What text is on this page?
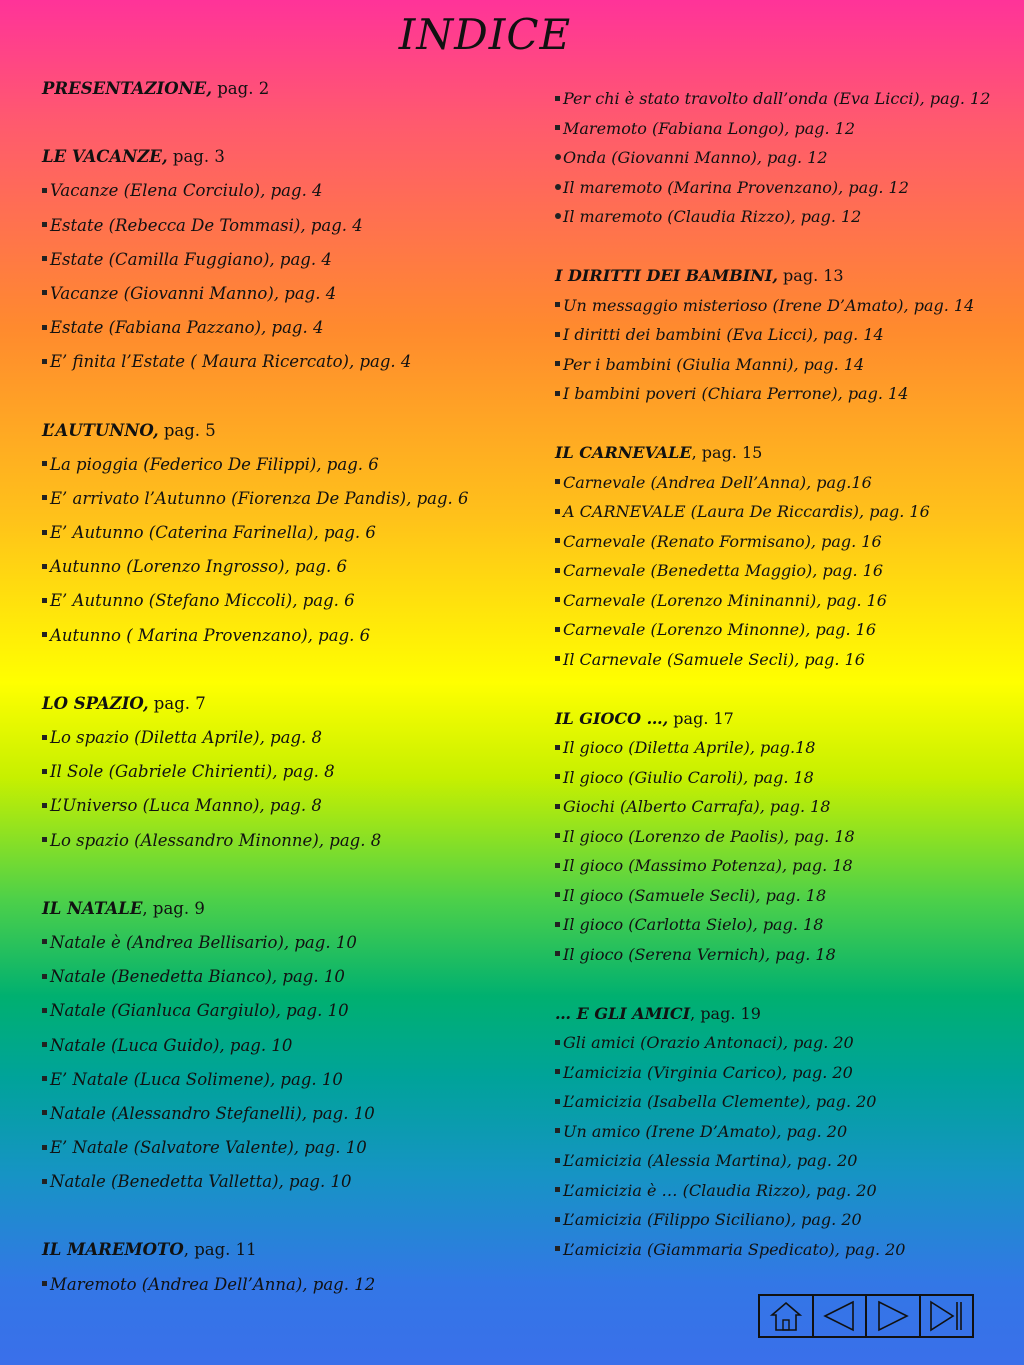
INDICE
PRESENTAZIONE, pag. 2
LE VACANZE, pag. 3
Vacanze (Elena Corciulo), pag. 4
Estate (Rebecca De Tommasi), pag. 4
Estate (Camilla Fuggiano), pag. 4
Vacanze (Giovanni Manno), pag. 4
Estate (Fabiana Pazzano), pag. 4
E’ finita l’Estate ( Maura Ricercato), pag. 4
L’AUTUNNO, pag. 5
La pioggia (Federico De Filippi), pag. 6
E’ arrivato l’Autunno (Fiorenza De Pandis), pag. 6
E’ Autunno (Caterina Farinella), pag. 6
Autunno (Lorenzo Ingrosso), pag. 6
E’ Autunno (Stefano Miccoli), pag. 6
Autunno ( Marina Provenzano), pag. 6
LO SPAZIO, pag. 7
Lo spazio (Diletta Aprile), pag. 8
Il Sole (Gabriele Chirienti), pag. 8
L’Universo (Luca Manno), pag. 8
Lo spazio (Alessandro Minonne), pag. 8
IL NATALE, pag. 9
Natale è (Andrea Bellisario), pag. 10
Natale (Benedetta Bianco), pag. 10
Natale (Gianluca Gargiulo), pag. 10
Natale (Luca Guido), pag. 10
E’ Natale (Luca Solimene), pag. 10
Natale (Alessandro Stefanelli), pag. 10
E’ Natale (Salvatore Valente), pag. 10
Natale (Benedetta Valletta), pag. 10
IL MAREMOTO, pag. 11
Maremoto (Andrea Dell’Anna), pag. 12
Per chi è stato travolto dall’onda (Eva Licci), pag. 12
Maremoto (Fabiana Longo), pag. 12
Onda (Giovanni Manno), pag. 12
Il maremoto (Marina Provenzano), pag. 12
Il maremoto (Claudia Rizzo), pag. 12
I DIRITTI DEI BAMBINI, pag. 13
Un messaggio misterioso (Irene D’Amato), pag. 14
I diritti dei bambini (Eva Licci), pag. 14
Per i bambini (Giulia Manni), pag. 14
I bambini poveri (Chiara Perrone), pag. 14
IL CARNEVALE, pag. 15
Carnevale (Andrea Dell’Anna), pag.16
A CARNEVALE (Laura De Riccardis), pag. 16
Carnevale (Renato Formisano), pag. 16
Carnevale (Benedetta Maggio), pag. 16
Carnevale (Lorenzo Mininanni), pag. 16
Carnevale (Lorenzo Minonne), pag. 16
Il Carnevale (Samuele Secli), pag. 16
IL GIOCO …, pag. 17
Il gioco (Diletta Aprile), pag.18
Il gioco (Giulio Caroli), pag. 18
Giochi (Alberto Carrafa), pag. 18
Il gioco (Lorenzo de Paolis), pag. 18
Il gioco (Massimo Potenza), pag. 18
Il gioco (Samuele Secli), pag. 18
Il gioco (Carlotta Sielo), pag. 18
Il gioco (Serena Vernich), pag. 18
… E GLI AMICI, pag. 19
Gli amici (Orazio Antonaci), pag. 20
L’amicizia (Virginia Carico), pag. 20
L’amicizia (Isabella Clemente), pag. 20
Un amico (Irene D’Amato), pag. 20
L’amicizia (Alessia Martina), pag. 20
L’amicizia è … (Claudia Rizzo), pag. 20
L’amicizia (Filippo Siciliano), pag. 20
L’amicizia (Giammaria Spedicato), pag. 20
